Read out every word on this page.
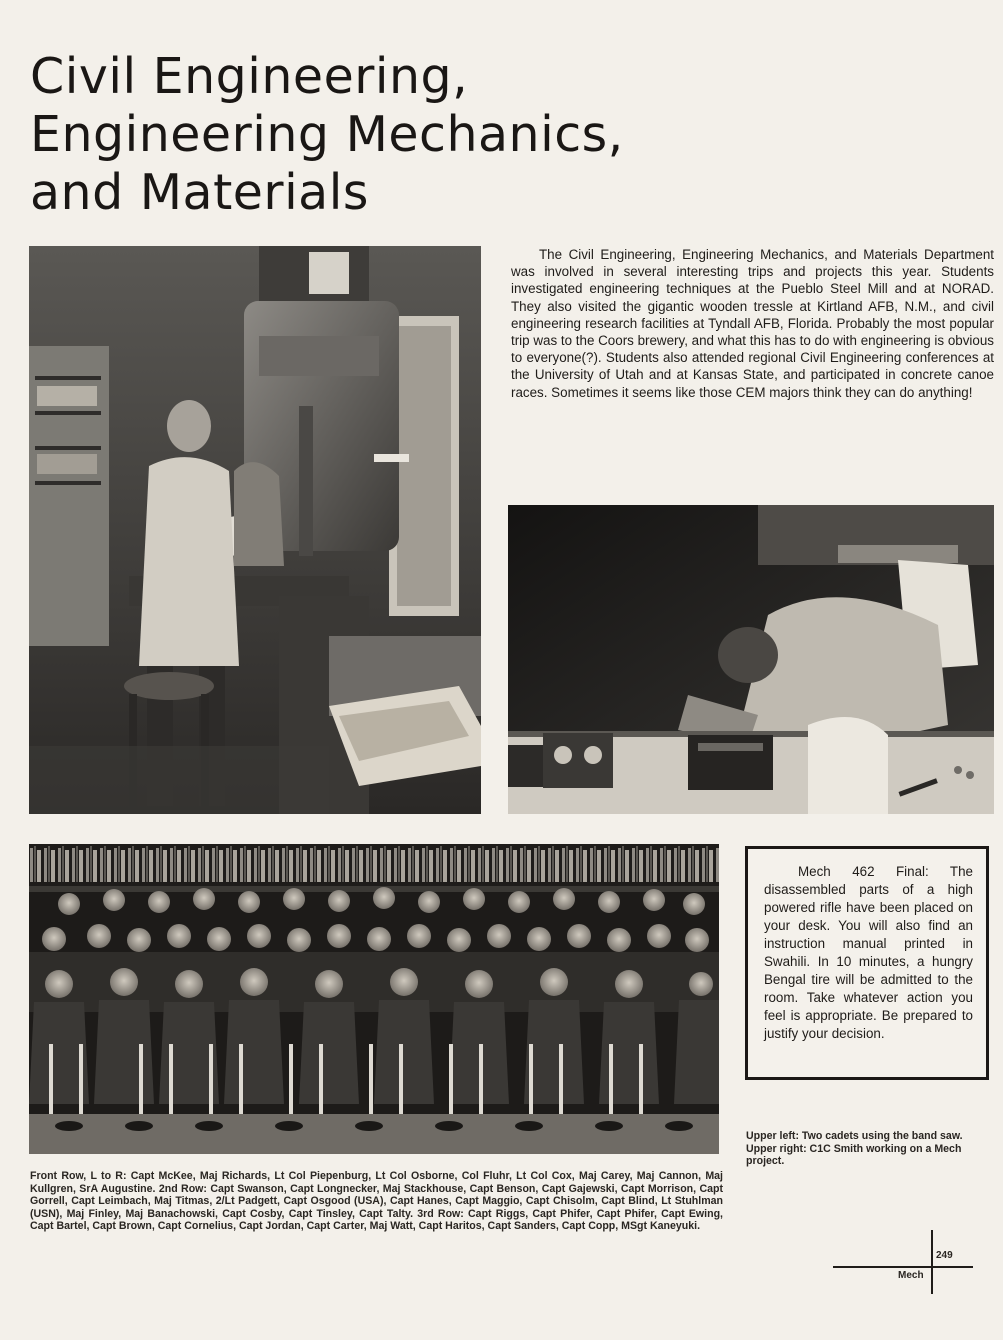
Civil Engineering,
Engineering Mechanics,
and Materials

The Civil Engineering, Engineering Mechanics, and Materials Department was involved in several interesting trips and projects this year. Students investigated engineering techniques at the Pueblo Steel Mill and at NORAD. They also visited the gigantic wooden tressle at Kirtland AFB, N.M., and civil engineering research facilities at Tyndall AFB, Florida. Probably the most popular trip was to the Coors brewery, and what this has to do with engineering is obvious to everyone(?). Students also attended regional Civil Engineering conferences at the University of Utah and at Kansas State, and participated in concrete canoe races. Sometimes it seems like those CEM majors think they can do anything!

Mech 462 Final: The disassembled parts of a high powered rifle have been placed on your desk. You will also find an instruction manual printed in Swahili. In 10 minutes, a hungry Bengal tire will be admitted to the room. Take whatever action you feel is appropriate. Be prepared to justify your decision.

Upper left: Two cadets using the band saw. Upper right: C1C Smith working on a Mech project.

Front Row, L to R: Capt McKee, Maj Richards, Lt Col Piepenburg, Lt Col Osborne, Col Fluhr, Lt Col Cox, Maj Carey, Maj Cannon, Maj Kullgren, SrA Augustine. 2nd Row: Capt Swanson, Capt Longnecker, Maj Stackhouse, Capt Benson, Capt Gajewski, Capt Morrison, Capt Gorrell, Capt Leimbach, Maj Titmas, 2/Lt Padgett, Capt Osgood (USA), Capt Hanes, Capt Maggio, Capt Chisolm, Capt Blind, Lt Stuhlman (USN), Maj Finley, Maj Banachowski, Capt Cosby, Capt Tinsley, Capt Talty. 3rd Row: Capt Riggs, Capt Phifer, Capt Phifer, Capt Ewing, Capt Bartel, Capt Brown, Capt Cornelius, Capt Jordan, Capt Carter, Maj Watt, Capt Haritos, Capt Sanders, Capt Copp, MSgt Kaneyuki.

249
Mech
